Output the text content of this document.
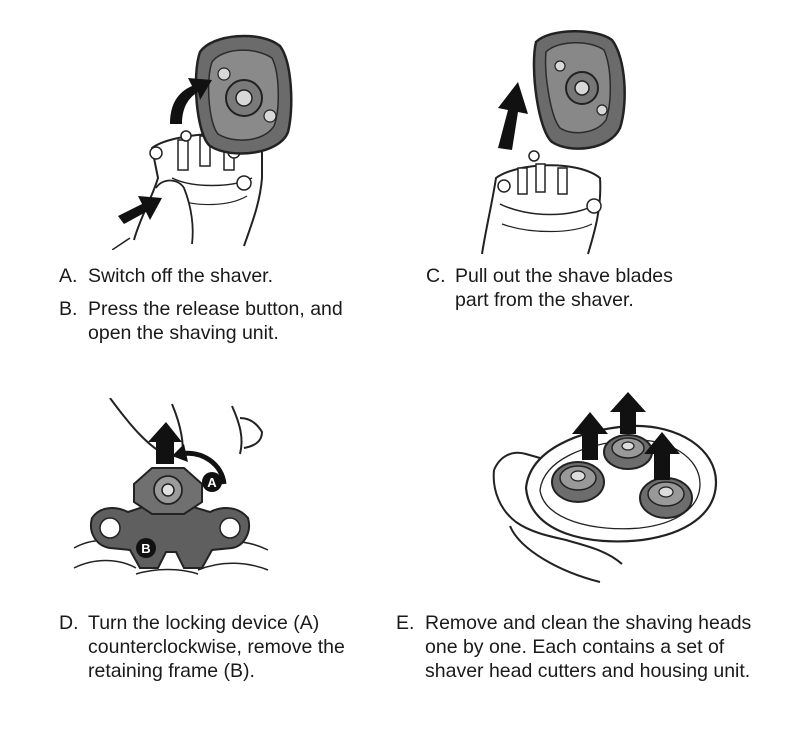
A
B
A. Switch off the shaver.
B. Press the release button, and open the shaving unit.
C. Pull out the shave blades part from the shaver.
D. Turn the locking device (A) counterclockwise, remove the retaining frame (B).
E. Remove and clean the shaving heads one by one. Each contains a set of shaver head cutters and housing unit.
